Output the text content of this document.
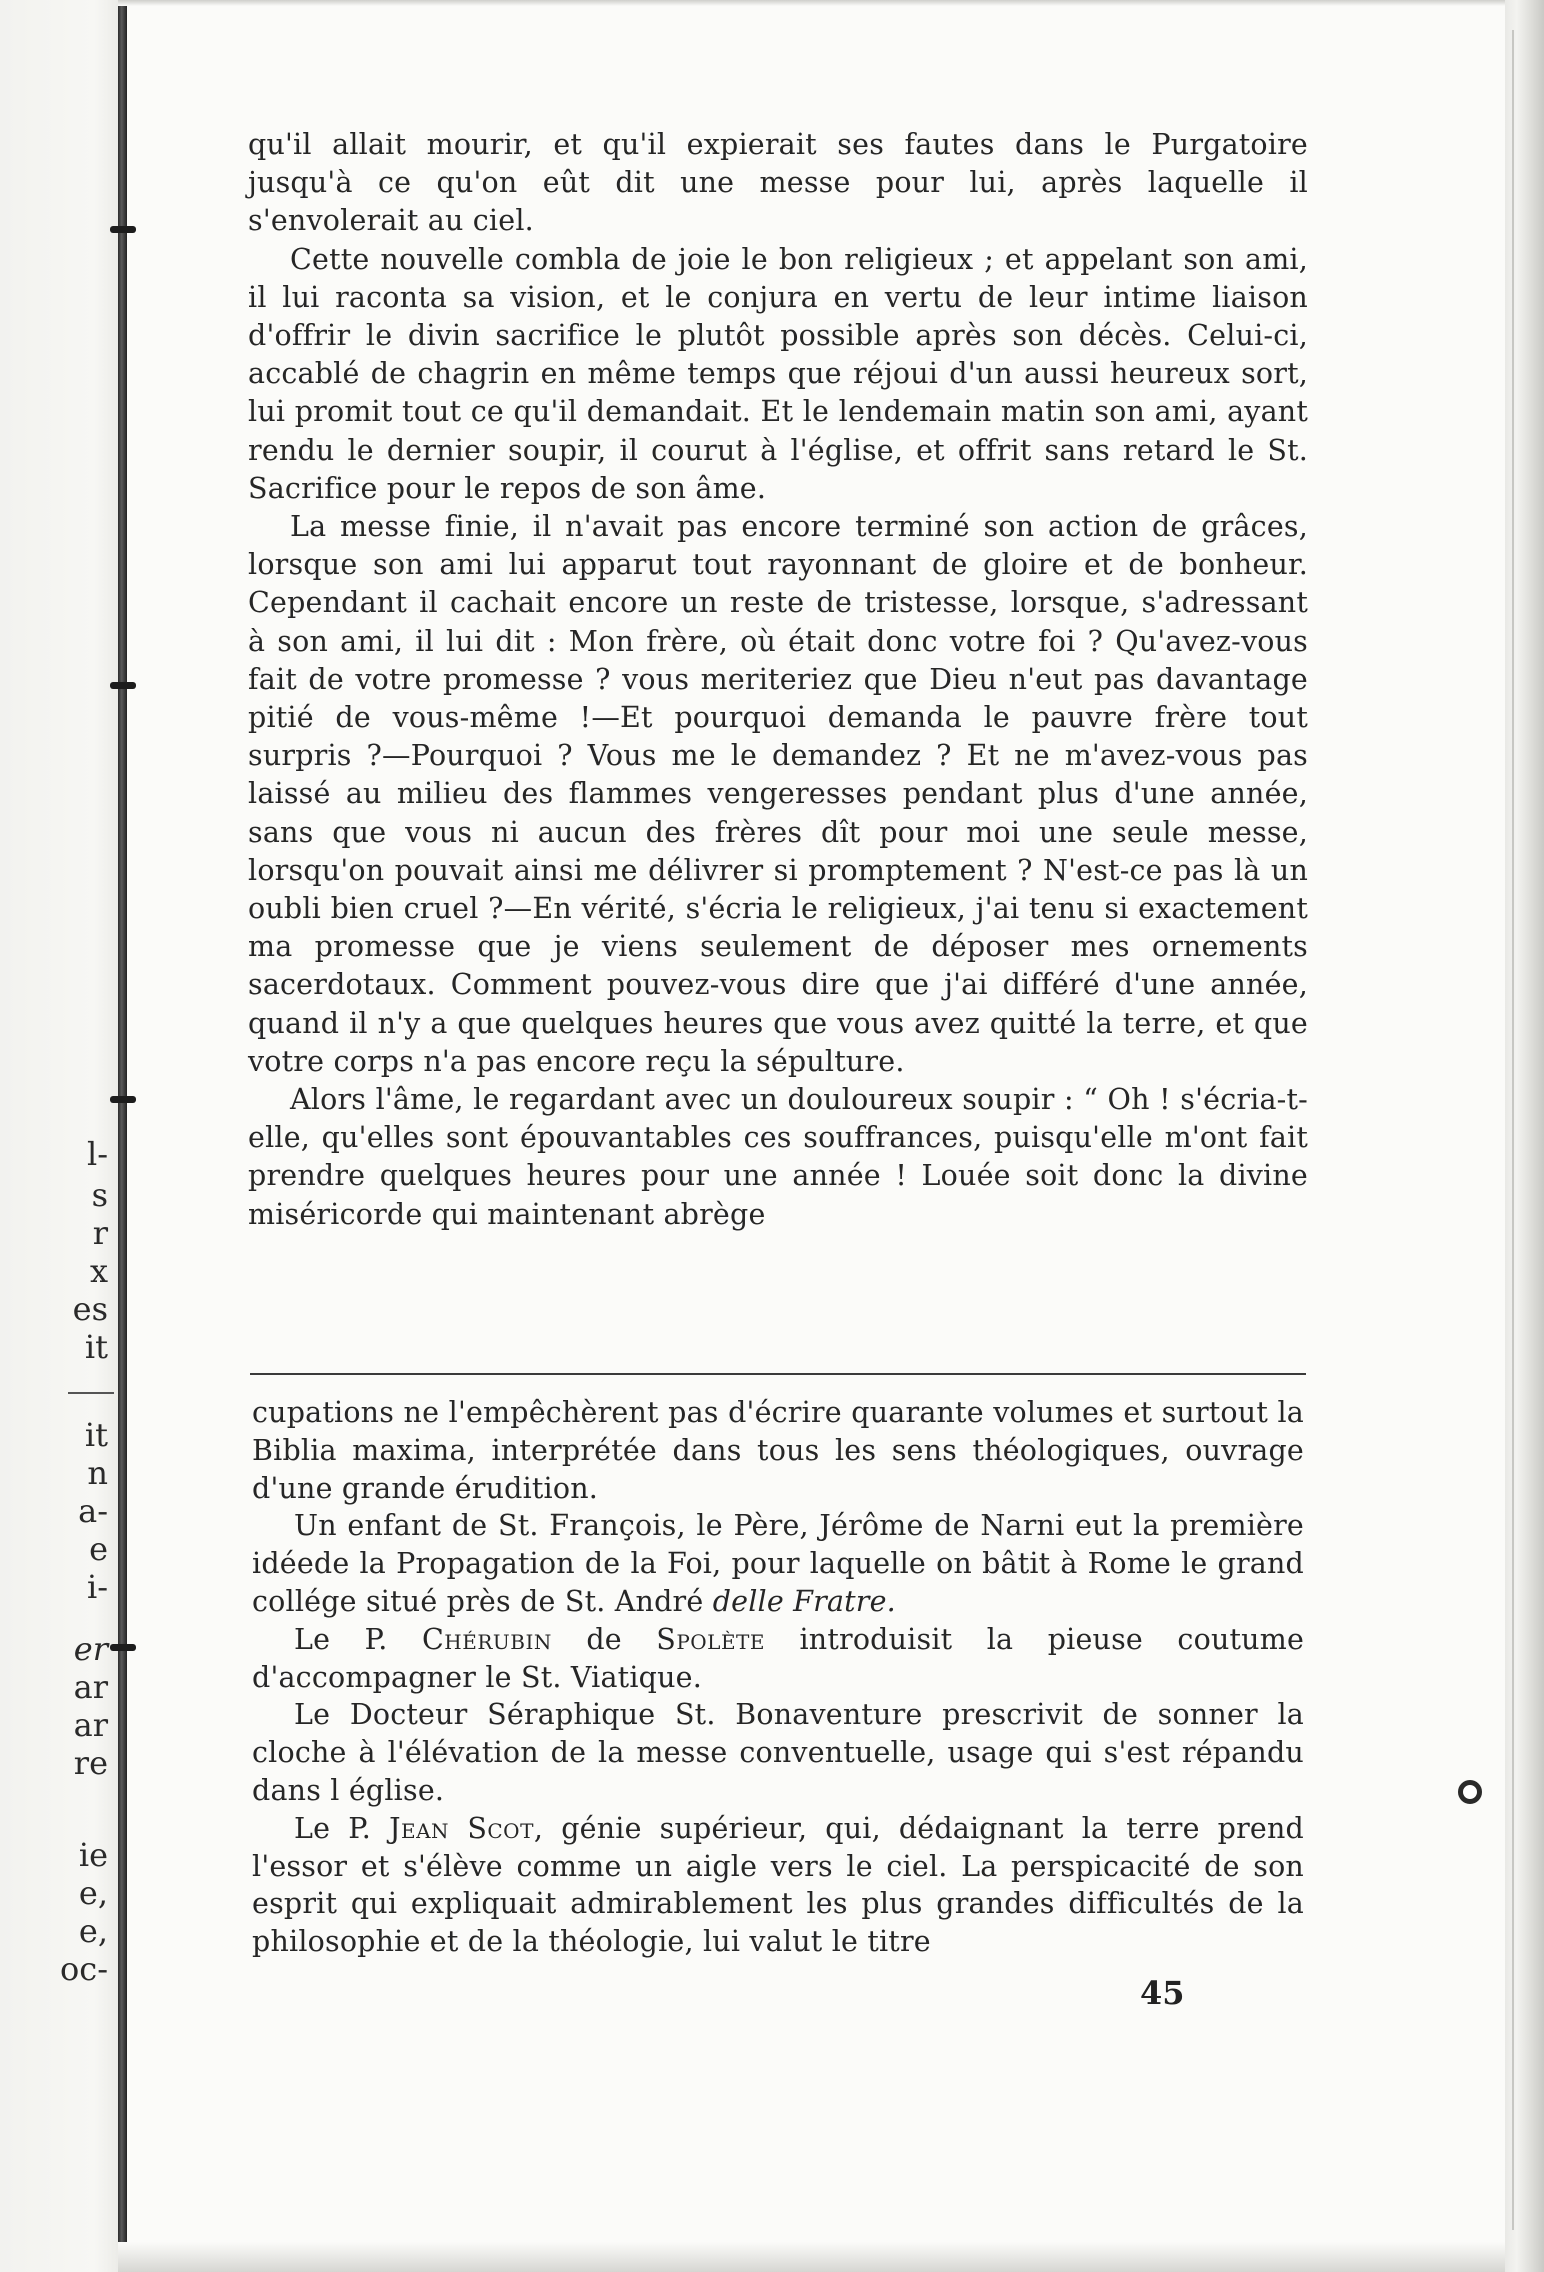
l-
s
r
x
es
it
it
n
a-
e
i-
er
ar
ar
re
ie
e,
e,
oc-

qu'il allait mourir, et qu'il expierait ses fautes dans le Purgatoire jusqu'à ce qu'on eût dit une messe pour lui, après laquelle il s'envolerait au ciel.

Cette nouvelle combla de joie le bon religieux ; et appelant son ami, il lui raconta sa vision, et le conjura en vertu de leur intime liaison d'offrir le divin sacrifice le plutôt possible après son décès. Celui-ci, accablé de chagrin en même temps que réjoui d'un aussi heureux sort, lui promit tout ce qu'il demandait. Et le lendemain matin son ami, ayant rendu le dernier soupir, il courut à l'église, et offrit sans retard le St. Sacrifice pour le repos de son âme.

La messe finie, il n'avait pas encore terminé son action de grâces, lorsque son ami lui apparut tout rayonnant de gloire et de bonheur. Cependant il cachait encore un reste de tristesse, lorsque, s'adressant à son ami, il lui dit : Mon frère, où était donc votre foi ? Qu'avez-vous fait de votre promesse ? vous meriteriez que Dieu n'eut pas davantage pitié de vous-même !—Et pourquoi demanda le pauvre frère tout surpris ?—Pourquoi ? Vous me le demandez ? Et ne m'avez-vous pas laissé au milieu des flammes vengeresses pendant plus d'une année, sans que vous ni aucun des frères dît pour moi une seule messe, lorsqu'on pouvait ainsi me délivrer si promptement ? N'est-ce pas là un oubli bien cruel ?—En vérité, s'écria le religieux, j'ai tenu si exactement ma promesse que je viens seulement de déposer mes ornements sacerdotaux. Comment pouvez-vous dire que j'ai différé d'une année, quand il n'y a que quelques heures que vous avez quitté la terre, et que votre corps n'a pas encore reçu la sépulture.

Alors l'âme, le regardant avec un douloureux soupir : “ Oh ! s'écria-t-elle, qu'elles sont épouvantables ces souffrances, puisqu'elle m'ont fait prendre quelques heures pour une année ! Louée soit donc la divine miséricorde qui maintenant abrège

cupations ne l'empêchèrent pas d'écrire quarante volumes et surtout la Biblia maxima, interprétée dans tous les sens théologiques, ouvrage d'une grande érudition.

Un enfant de St. François, le Père, Jérôme de Narni eut la première idéede la Propagation de la Foi, pour laquelle on bâtit à Rome le grand collége situé près de St. André delle Fratre.

Le P. Chérubin de Spolète introduisit la pieuse coutume d'accompagner le St. Viatique.

Le Docteur Séraphique St. Bonaventure prescrivit de sonner la cloche à l'élévation de la messe conventuelle, usage qui s'est répandu dans l église.

Le P. Jean Scot, génie supérieur, qui, dédaignant la terre prend l'essor et s'élève comme un aigle vers le ciel. La perspicacité de son esprit qui expliquait admirablement les plus grandes difficultés de la philosophie et de la théologie, lui valut le titre

45
